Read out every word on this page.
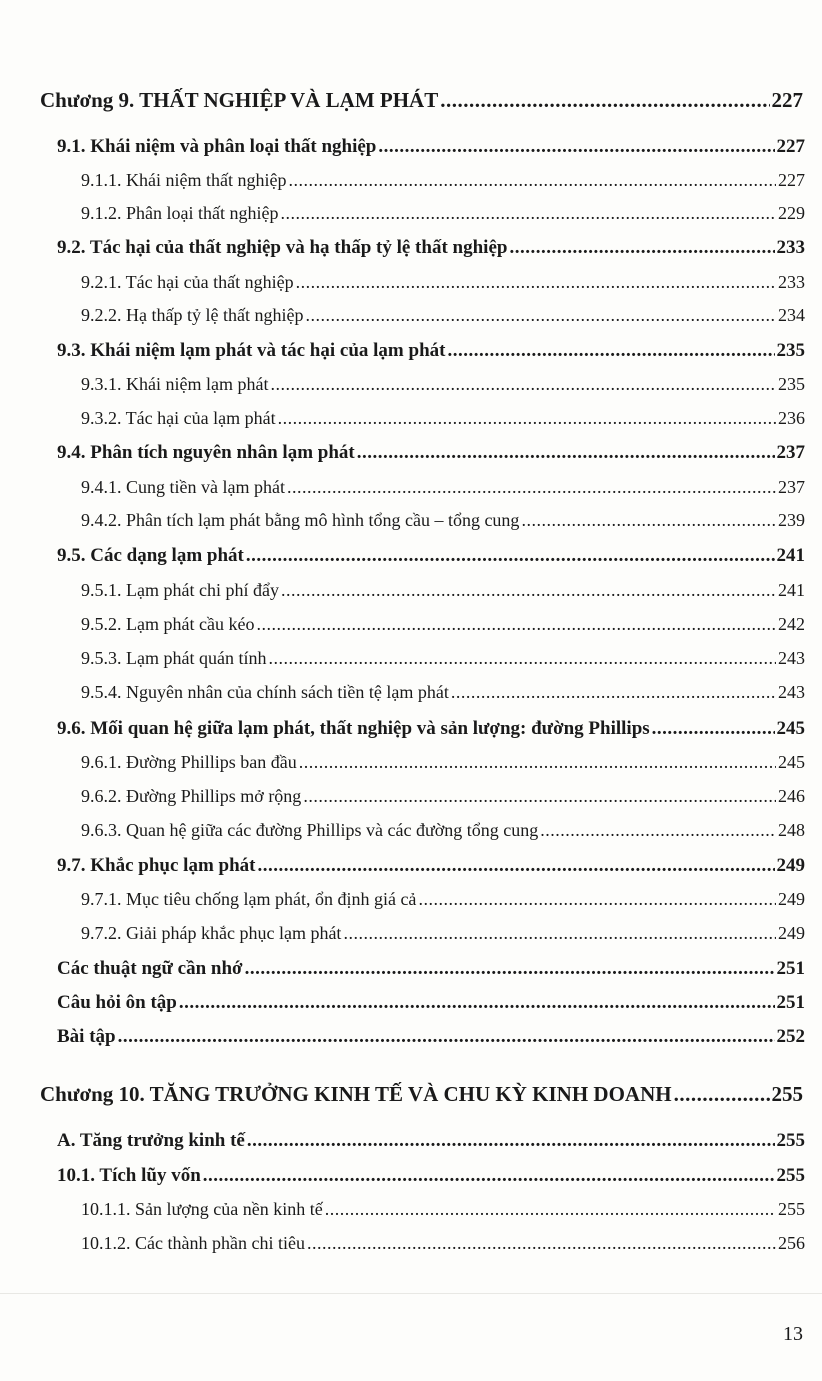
Chương 9. THẤT NGHIỆP VÀ LẠM PHÁT .....	227
9.1. Khái niệm và phân loại thất nghiệp .....	227
9.1.1. Khái niệm thất nghiệp .....	227
9.1.2. Phân loại thất nghiệp .....	229
9.2. Tác hại của thất nghiệp và hạ thấp tỷ lệ thất nghiệp .....	233
9.2.1. Tác hại của thất nghiệp .....	233
9.2.2. Hạ thấp tỷ lệ thất nghiệp .....	234
9.3. Khái niệm lạm phát và tác hại của lạm phát .....	235
9.3.1. Khái niệm lạm phát .....	235
9.3.2. Tác hại của lạm phát .....	236
9.4. Phân tích nguyên nhân lạm phát .....	237
9.4.1. Cung tiền và lạm phát .....	237
9.4.2. Phân tích lạm phát bằng mô hình tổng cầu – tổng cung .....	239
9.5. Các dạng lạm phát .....	241
9.5.1. Lạm phát chi phí đẩy .....	241
9.5.2. Lạm phát cầu kéo .....	242
9.5.3. Lạm phát quán tính .....	243
9.5.4. Nguyên nhân của chính sách tiền tệ lạm phát .....	243
9.6. Mối quan hệ giữa lạm phát, thất nghiệp và sản lượng: đường Phillips .....	245
9.6.1. Đường Phillips ban đầu .....	245
9.6.2. Đường Phillips mở rộng .....	246
9.6.3. Quan hệ giữa các đường Phillips và các đường tổng cung .....	248
9.7. Khắc phục lạm phát .....	249
9.7.1. Mục tiêu chống lạm phát, ổn định giá cả .....	249
9.7.2. Giải pháp khắc phục lạm phát .....	249
Các thuật ngữ cần nhớ .....	251
Câu hỏi ôn tập .....	251
Bài tập .....	252
Chương 10. TĂNG TRƯỞNG KINH TẾ VÀ CHU KỲ KINH DOANH .....	255
A. Tăng trưởng kinh tế .....	255
10.1. Tích lũy vốn .....	255
10.1.1. Sản lượng của nền kinh tế .....	255
10.1.2. Các thành phần chi tiêu .....	256
13
